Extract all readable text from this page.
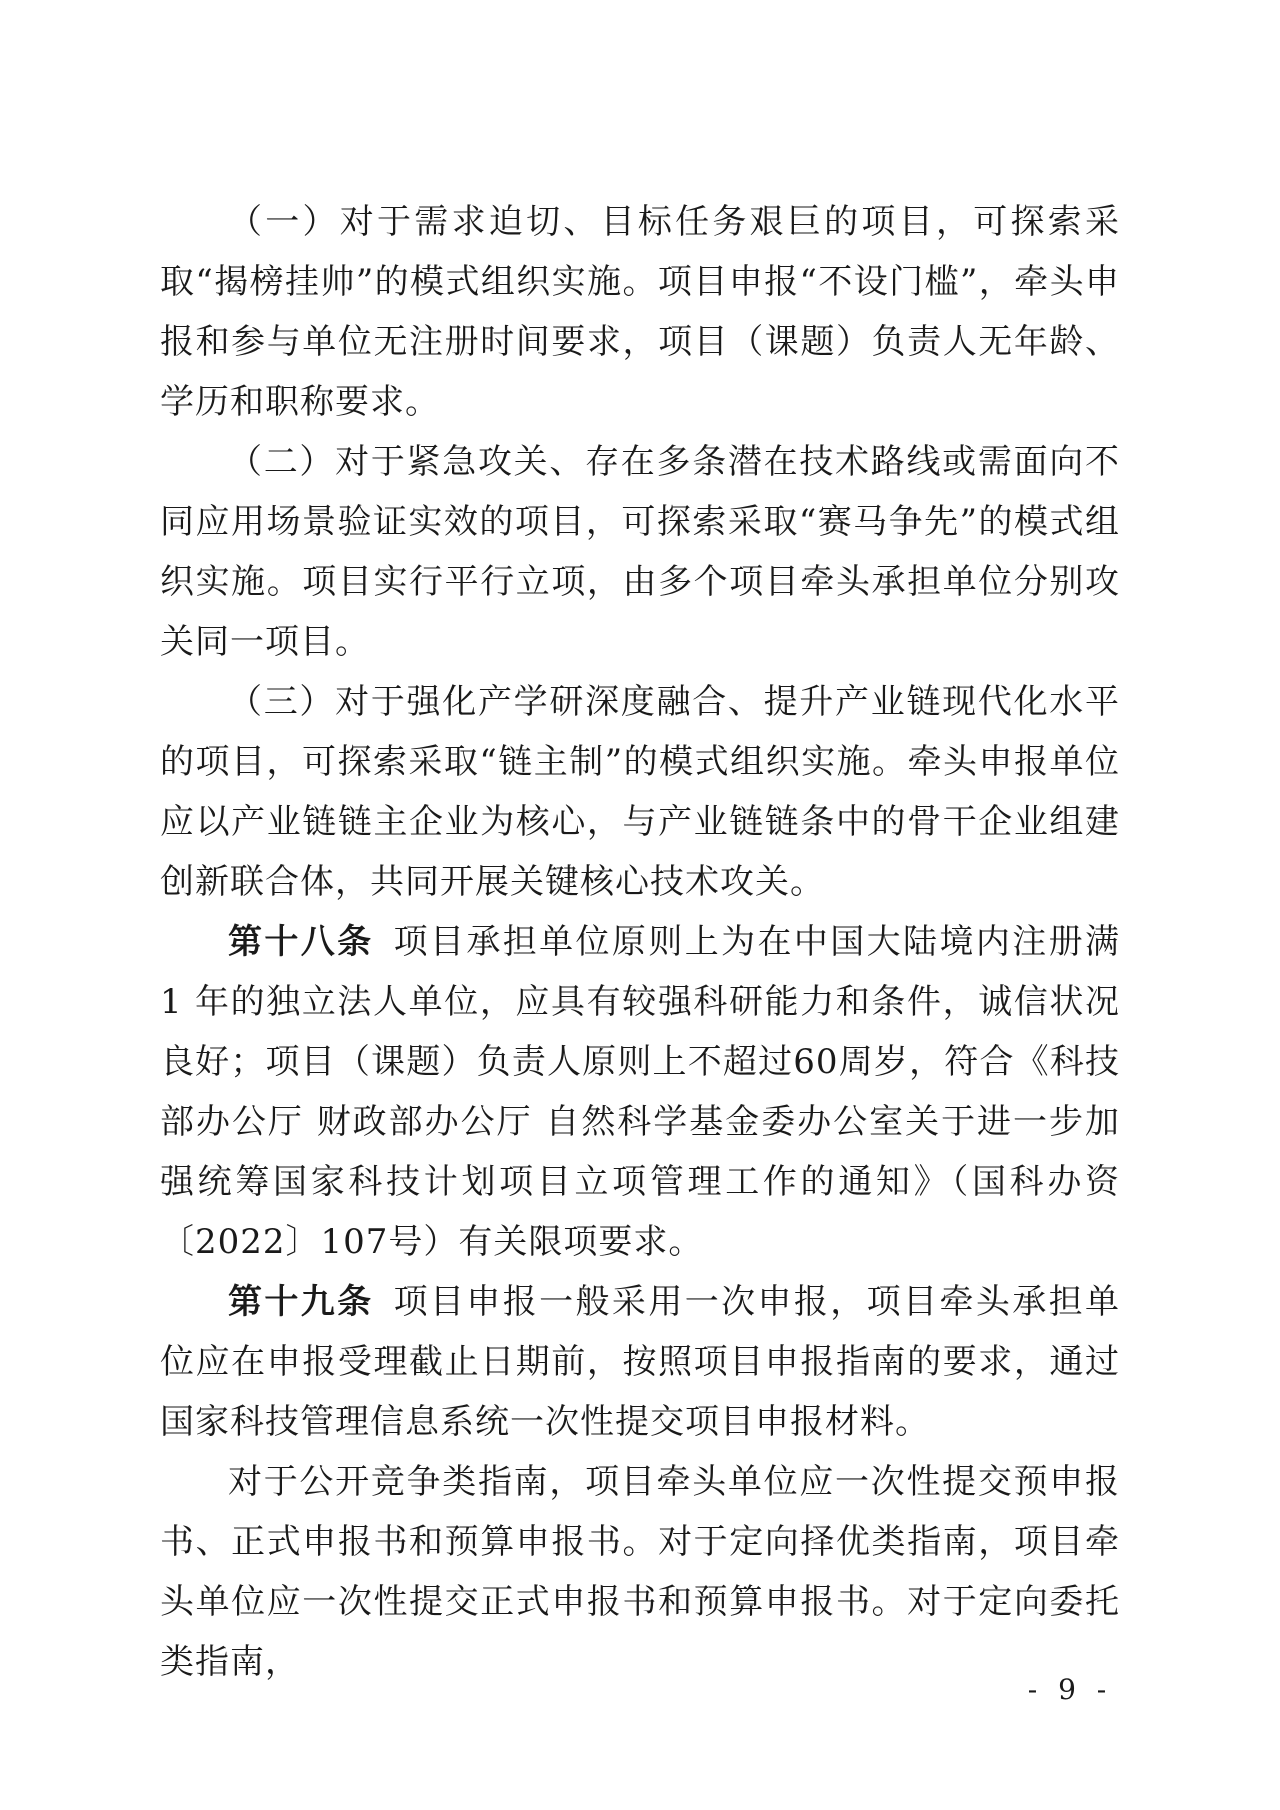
（一）对于需求迫切、目标任务艰巨的项目，可探索采取“揭榜挂帅”的模式组织实施。项目申报“不设门槛”，牵头申报和参与单位无注册时间要求，项目（课题）负责人无年龄、学历和职称要求。

（二）对于紧急攻关、存在多条潜在技术路线或需面向不同应用场景验证实效的项目，可探索采取“赛马争先”的模式组织实施。项目实行平行立项，由多个项目牵头承担单位分别攻关同一项目。

（三）对于强化产学研深度融合、提升产业链现代化水平的项目，可探索采取“链主制”的模式组织实施。牵头申报单位应以产业链链主企业为核心，与产业链链条中的骨干企业组建创新联合体，共同开展关键核心技术攻关。

第十八条 项目承担单位原则上为在中国大陆境内注册满 1 年的独立法人单位，应具有较强科研能力和条件，诚信状况良好；项目（课题）负责人原则上不超过60周岁，符合《科技部办公厅 财政部办公厅 自然科学基金委办公室关于进一步加强统筹国家科技计划项目立项管理工作的通知》（国科办资〔2022〕107号）有关限项要求。

第十九条 项目申报一般采用一次申报，项目牵头承担单位应在申报受理截止日期前，按照项目申报指南的要求，通过国家科技管理信息系统一次性提交项目申报材料。

对于公开竞争类指南，项目牵头单位应一次性提交预申报书、正式申报书和预算申报书。对于定向择优类指南，项目牵头单位应一次性提交正式申报书和预算申报书。对于定向委托类指南，

- 9 -
